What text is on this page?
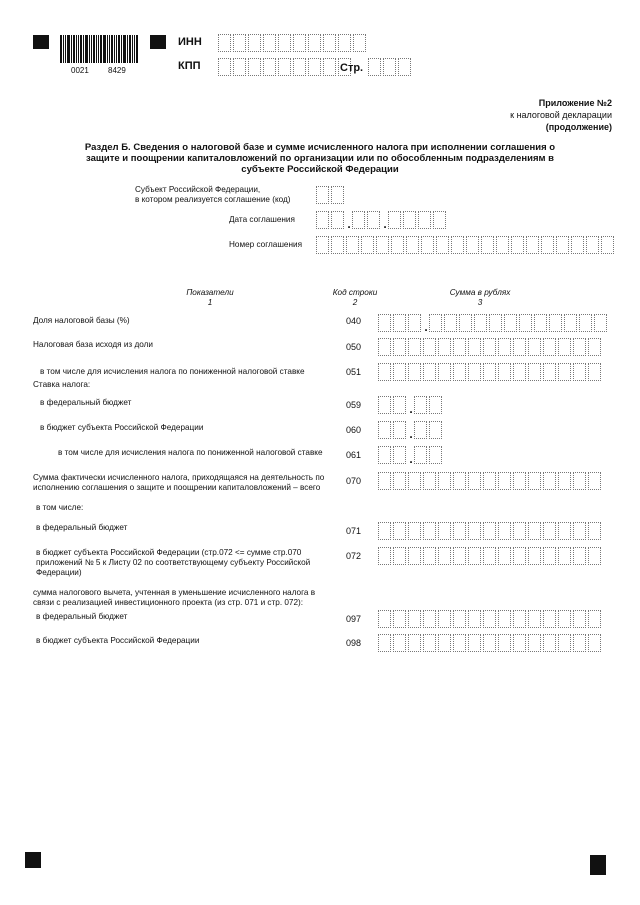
0021 8429
ИНН
КПП	Стр.
Приложение №2
к налоговой декларации
(продолжение)
Раздел Б. Сведения о налоговой базе и сумме исчисленного налога при исполнении соглашения о защите и поощрении капиталовложений по организации или по обособленным подразделениям в субъекте Российской Федерации
Субъект Российской Федерации,
в котором реализуется соглашение (код)
Дата соглашения	.	.
Номер соглашения
Показатели
1
Код строки
2
Сумма в рублях
3
Доля налоговой базы (%)	040	.
Налоговая база исходя из доли	050
в том числе для исчисления налога по пониженной налоговой ставке	051
Ставка налога:
в федеральный бюджет	059	.
в бюджет субъекта Российской Федерации	060	.
в том числе для исчисления налога по пониженной налоговой ставке	061	.
Сумма фактически исчисленного налога, приходящаяся на деятельность по исполнению соглашения о защите и поощрении капиталовложений – всего
070
в том числе:
в федеральный бюджет	071
в бюджет субъекта Российской Федерации (стр.072 <= сумме стр.070 приложений № 5 к Листу 02 по соответствующему субъекту Российской Федерации)
072
сумма налогового вычета, учтенная в уменьшение исчисленного налога в связи с реализацией инвестиционного проекта (из стр. 071 и стр. 072):
в федеральный бюджет	097
в бюджет субъекта Российской Федерации	098
